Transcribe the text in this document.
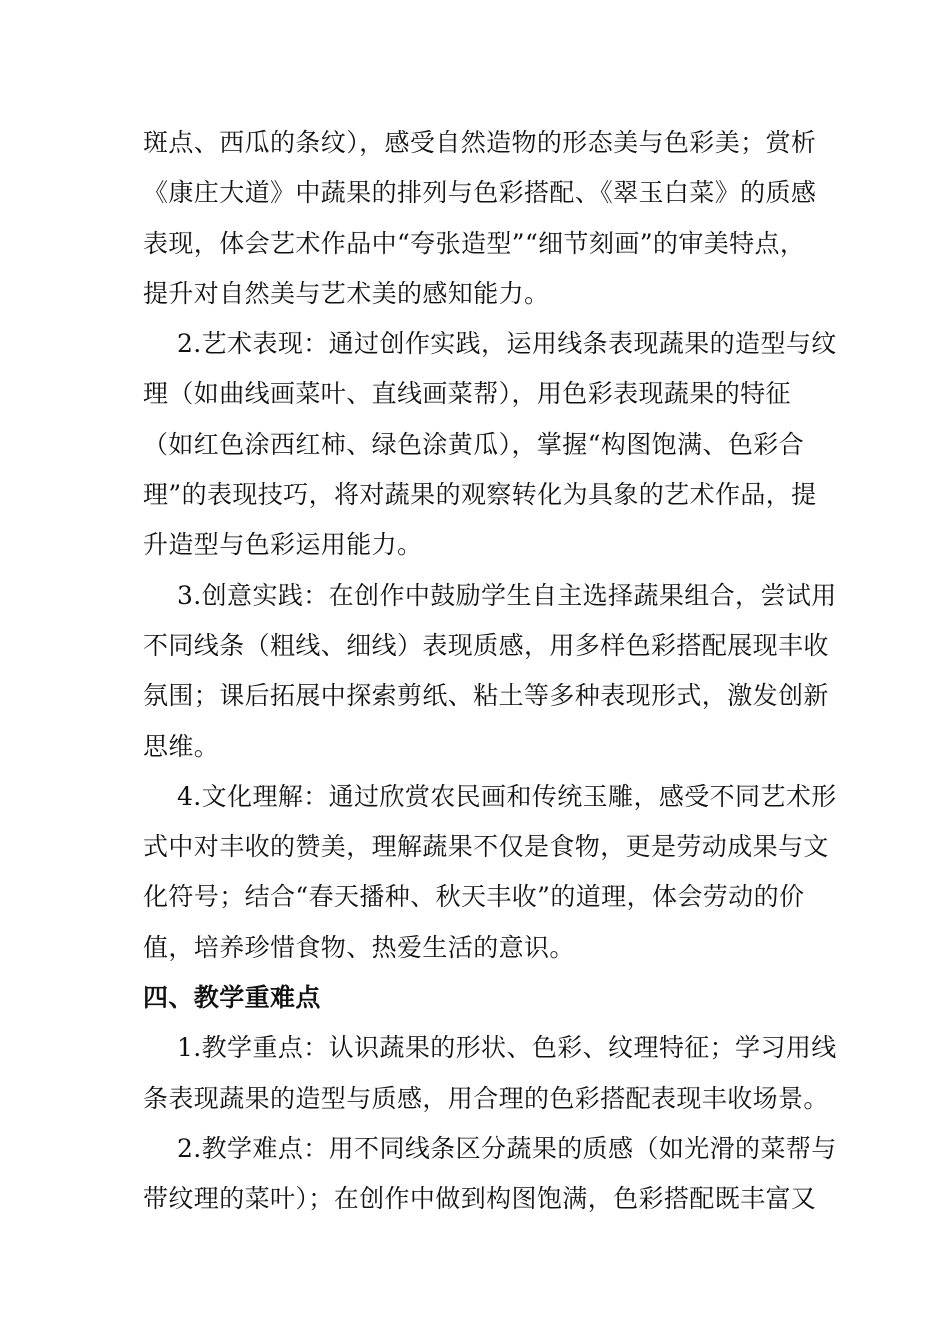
斑点、西瓜的条纹），感受自然造物的形态美与色彩美；赏析
《康庄大道》中蔬果的排列与色彩搭配、《翠玉白菜》的质感
表现，体会艺术作品中“夸张造型”“细节刻画”的审美特点，
提升对自然美与艺术美的感知能力。
2.艺术表现：通过创作实践，运用线条表现蔬果的造型与纹
理（如曲线画菜叶、直线画菜帮），用色彩表现蔬果的特征
（如红色涂西红柿、绿色涂黄瓜），掌握“构图饱满、色彩合
理”的表现技巧，将对蔬果的观察转化为具象的艺术作品，提
升造型与色彩运用能力。
3.创意实践：在创作中鼓励学生自主选择蔬果组合，尝试用
不同线条（粗线、细线）表现质感，用多样色彩搭配展现丰收
氛围；课后拓展中探索剪纸、粘土等多种表现形式，激发创新
思维。
4.文化理解：通过欣赏农民画和传统玉雕，感受不同艺术形
式中对丰收的赞美，理解蔬果不仅是食物，更是劳动成果与文
化符号；结合“春天播种、秋天丰收”的道理，体会劳动的价
值，培养珍惜食物、热爱生活的意识。
四、教学重难点
1.教学重点：认识蔬果的形状、色彩、纹理特征；学习用线
条表现蔬果的造型与质感，用合理的色彩搭配表现丰收场景。
2.教学难点：用不同线条区分蔬果的质感（如光滑的菜帮与
带纹理的菜叶）；在创作中做到构图饱满，色彩搭配既丰富又
